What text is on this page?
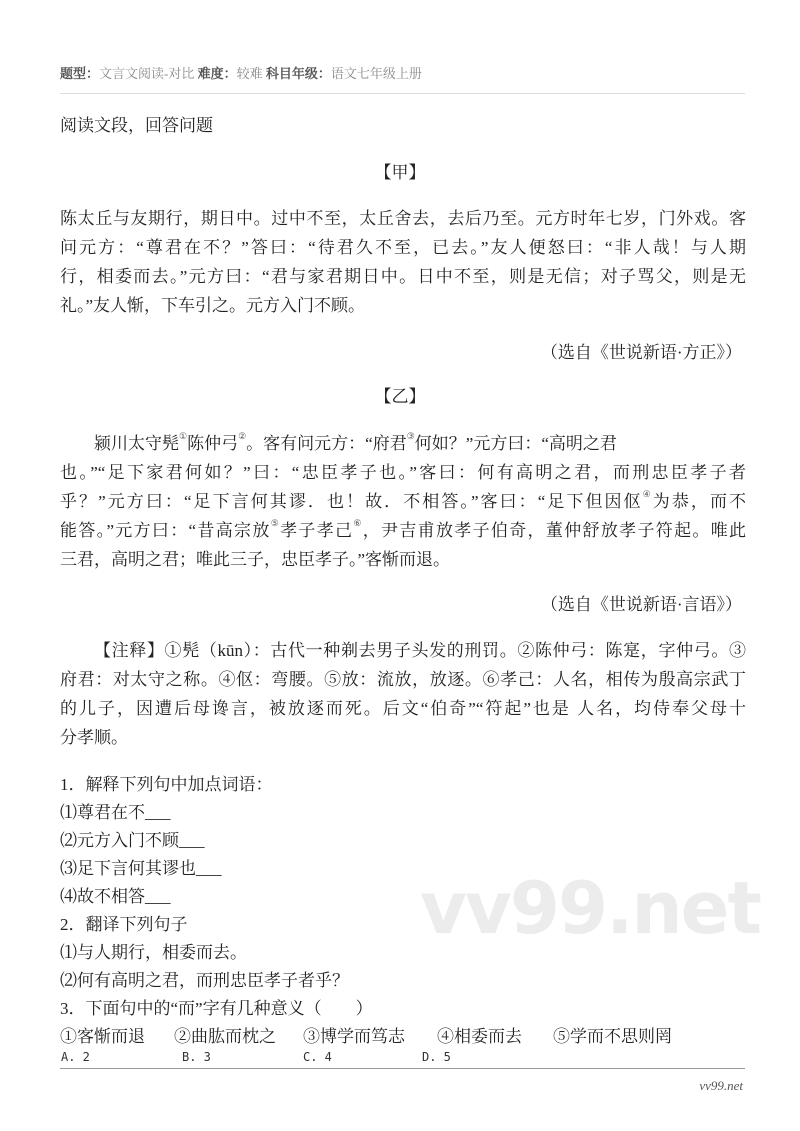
题型：文言文阅读-对比 难度：较难 科目年级：语文七年级上册
阅读文段，回答问题
【甲】
陈太丘与友期行，期日中。过中不至，太丘舍去，去后乃至。元方时年七岁，门外戏。客
问元方：“尊君在不？”答曰：“待君久不至，已去。”友人便怒曰：“非人哉！与人期
行，相委而去。”元方曰：“君与家君期日中。日中不至，则是无信；对子骂父，则是无
礼。”友人惭，下车引之。元方入门不顾。
（选自《世说新语·方正》）
【乙】
颍川太守髡①陈仲弓②。客有问元方：“府君③何如？”元方曰：“高明之君
也。”“足下家君何如？”曰：“忠臣孝子也。”客曰：何有高明之君，而刑忠臣孝子者
乎？”元方曰：“足下言何其谬．也！故．不相答。”客曰：“足下但因伛④为恭，而不
能答。”元方曰：“昔高宗放⑤孝子孝己⑥，尹吉甫放孝子伯奇，董仲舒放孝子符起。唯此
三君，高明之君；唯此三子，忠臣孝子。”客惭而退。
（选自《世说新语·言语》）
【注释】①髡（kūn）：古代一种剃去男子头发的刑罚。②陈仲弓：陈寔，字仲弓。③
府君：对太守之称。④伛：弯腰。⑤放：流放，放逐。⑥孝己：人名，相传为殷高宗武丁
的儿子，因遭后母谗言，被放逐而死。后文“伯奇”“符起”也是 人名，均侍奉父母十
分孝顺。
1．解释下列句中加点词语：
⑴尊君在不___
⑵元方入门不顾___
⑶足下言何其谬也___
⑷故不相答___
2．翻译下列句子
⑴与人期行，相委而去。
⑵何有高明之君，而刑忠臣孝子者乎？
3．下面句中的“而”字有几种意义（　　）
①客惭而退 ②曲肱而枕之 ③博学而笃志 ④相委而去 ⑤学而不思则罔
A. 2	B. 3	C. 4	D. 5
vv99.net
vv99.net
